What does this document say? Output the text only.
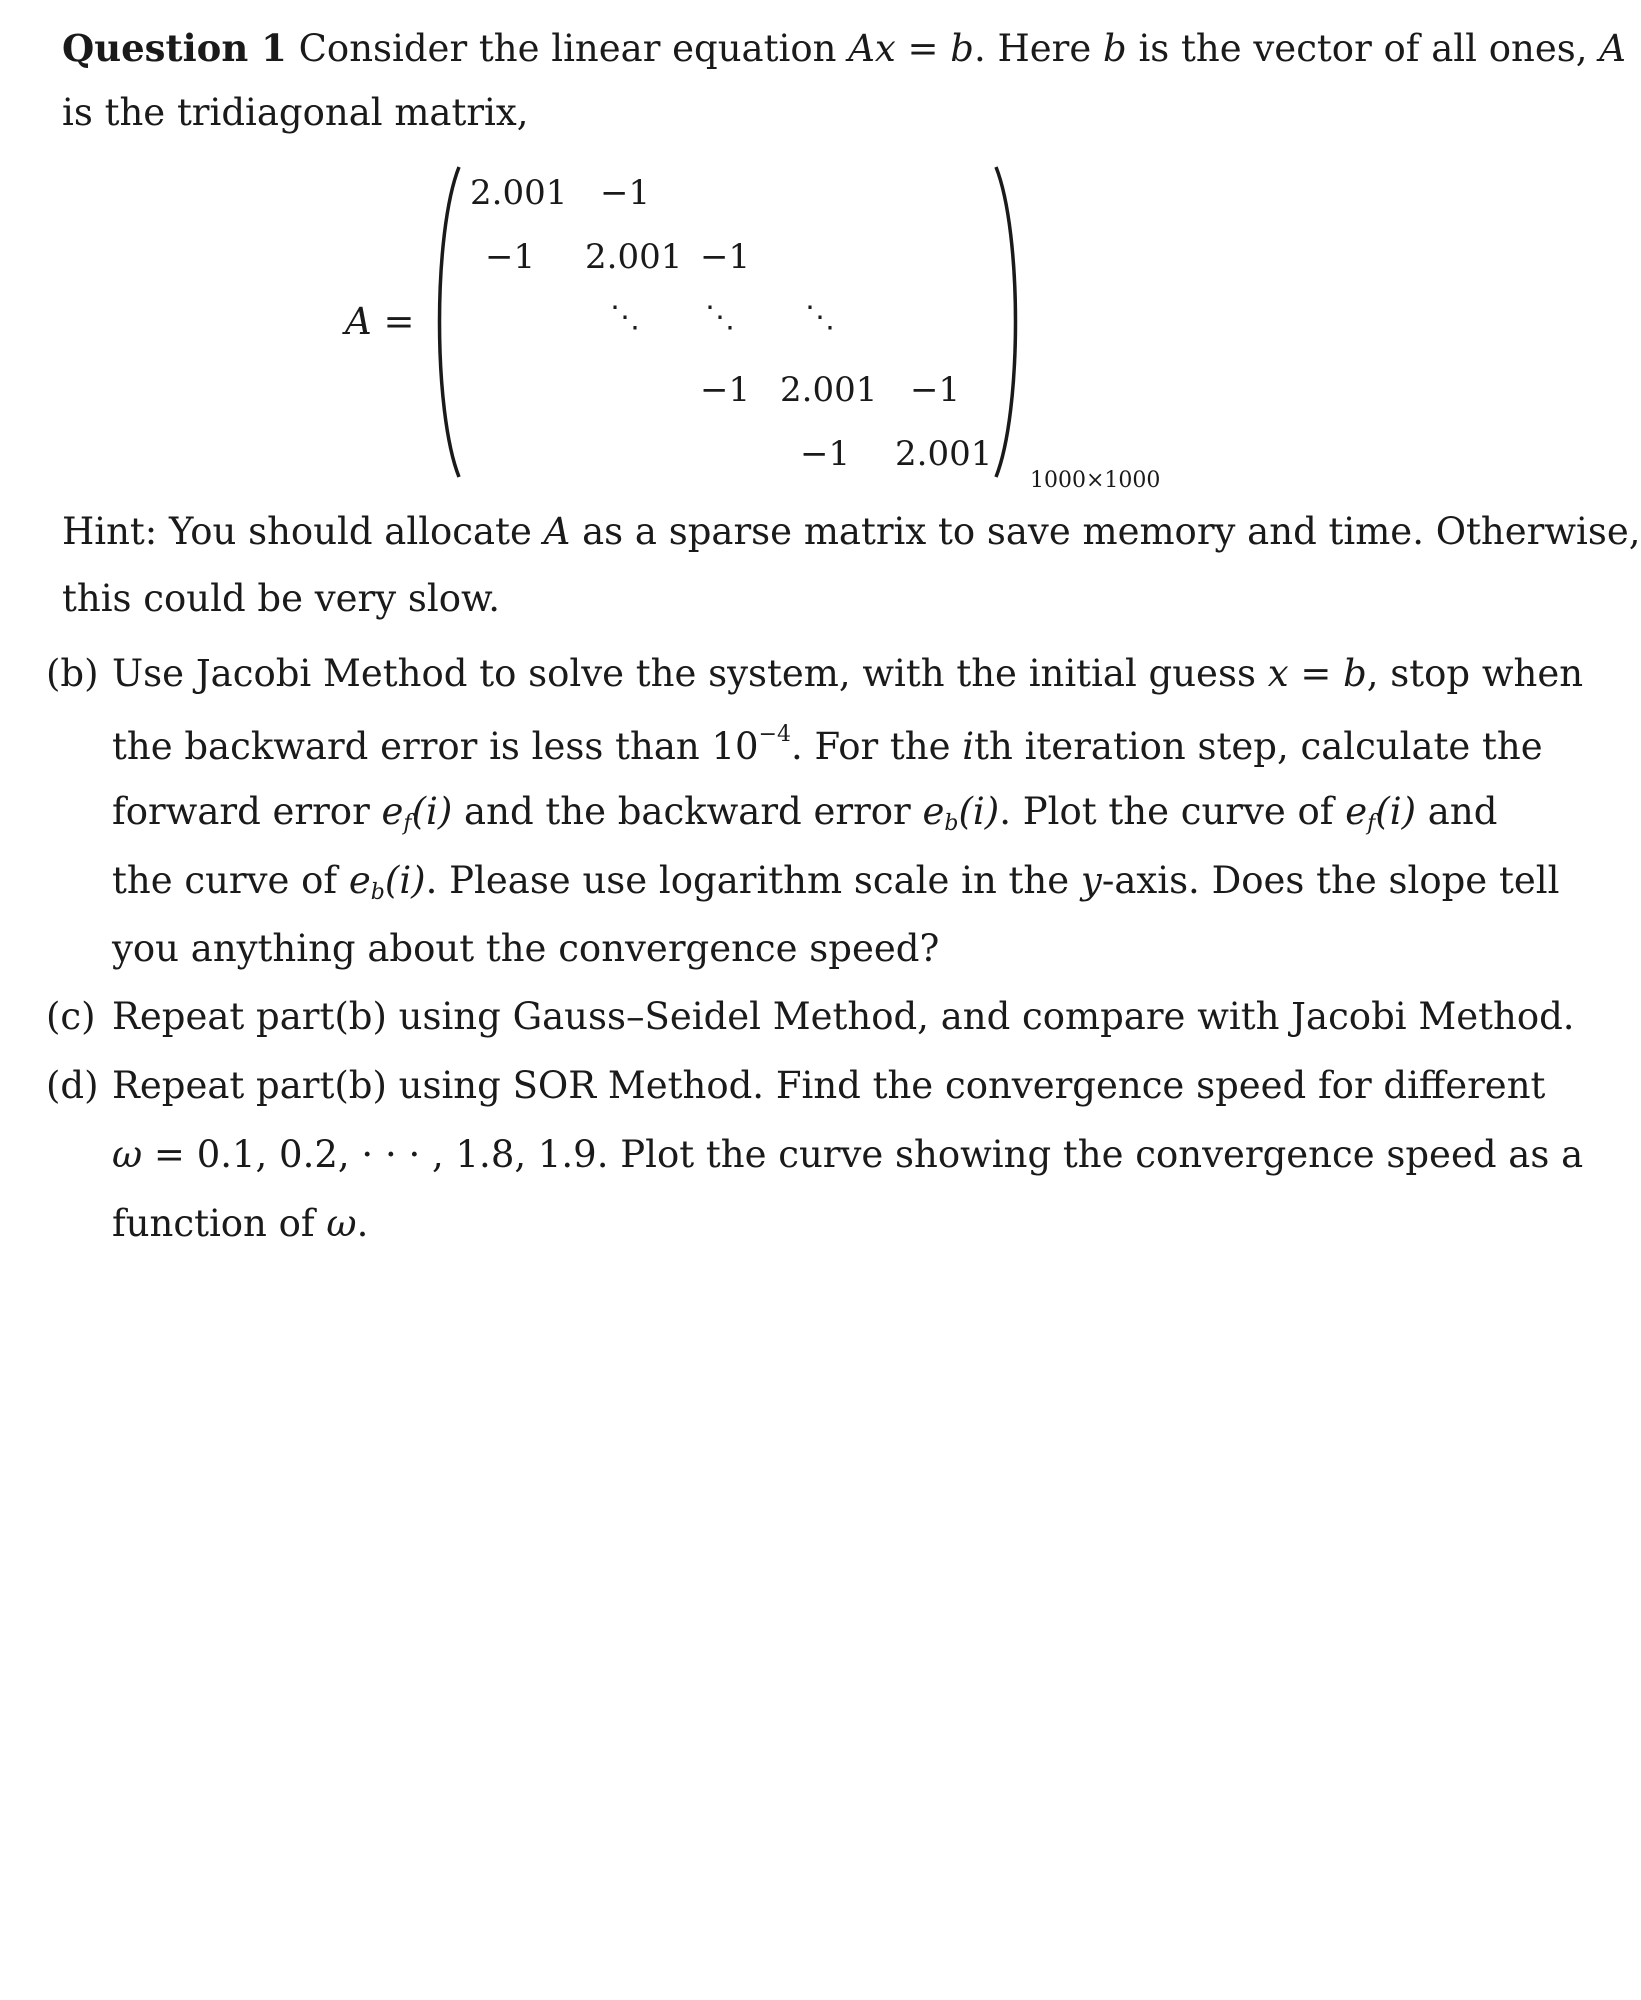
Question 1 Consider the linear equation Ax = b. Here b is the vector of all ones, A
is the tridiagonal matrix,
A =
2.001 −1
−1 2.001 −1
⋱ ⋱ ⋱
−1 2.001 −1
−1 2.001
1000×1000
Hint: You should allocate A as a sparse matrix to save memory and time. Otherwise,
this could be very slow.
(b) Use Jacobi Method to solve the system, with the initial guess x = b, stop when
the backward error is less than $10^{-4}$. For the ith iteration step, calculate the
forward error $e_f(i)$ and the backward error $e_b(i)$. Plot the curve of $e_f(i)$ and
the curve of $e_b(i)$. Please use logarithm scale in the y-axis. Does the slope tell
you anything about the convergence speed?
(c) Repeat part(b) using Gauss–Seidel Method, and compare with Jacobi Method.
(d) Repeat part(b) using SOR Method. Find the convergence speed for different
ω = 0.1, 0.2, · · · , 1.8, 1.9. Plot the curve showing the convergence speed as a
function of ω.
